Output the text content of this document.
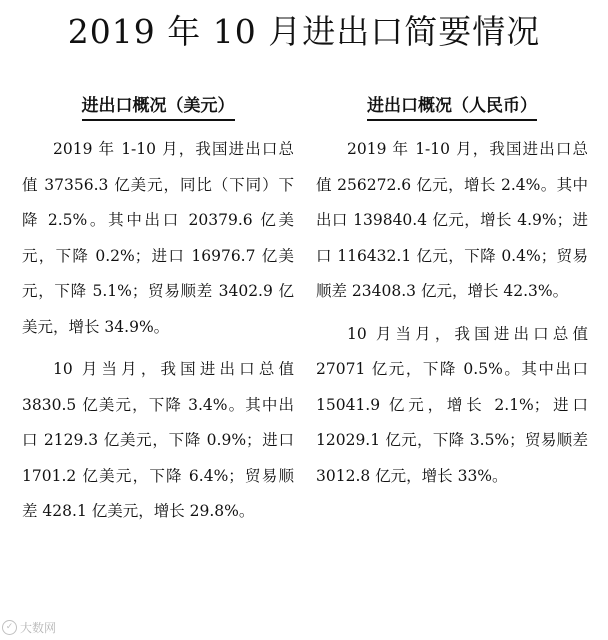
2019 年 10 月进出口简要情况
进出口概况（美元）

2019 年 1-10 月，我国进出口总值 37356.3 亿美元，同比（下同）下降 2.5%。其中出口 20379.6 亿美元，下降 0.2%；进口 16976.7 亿美元，下降 5.1%；贸易顺差 3402.9 亿美元，增长 34.9%。

10 月当月，我国进出口总值 3830.5 亿美元，下降 3.4%。其中出口 2129.3 亿美元，下降 0.9%；进口 1701.2 亿美元，下降 6.4%；贸易顺差 428.1 亿美元，增长 29.8%。

进出口概况（人民币）

2019 年 1-10 月，我国进出口总值 256272.6 亿元，增长 2.4%。其中出口 139840.4 亿元，增长 4.9%；进口 116432.1 亿元，下降 0.4%；贸易顺差 23408.3 亿元，增长 42.3%。

10 月当月，我国进出口总值 27071 亿元，下降 0.5%。其中出口 15041.9 亿元，增长 2.1%；进口 12029.1 亿元，下降 3.5%；贸易顺差 3012.8 亿元，增长 33%。

✓ 大数网
